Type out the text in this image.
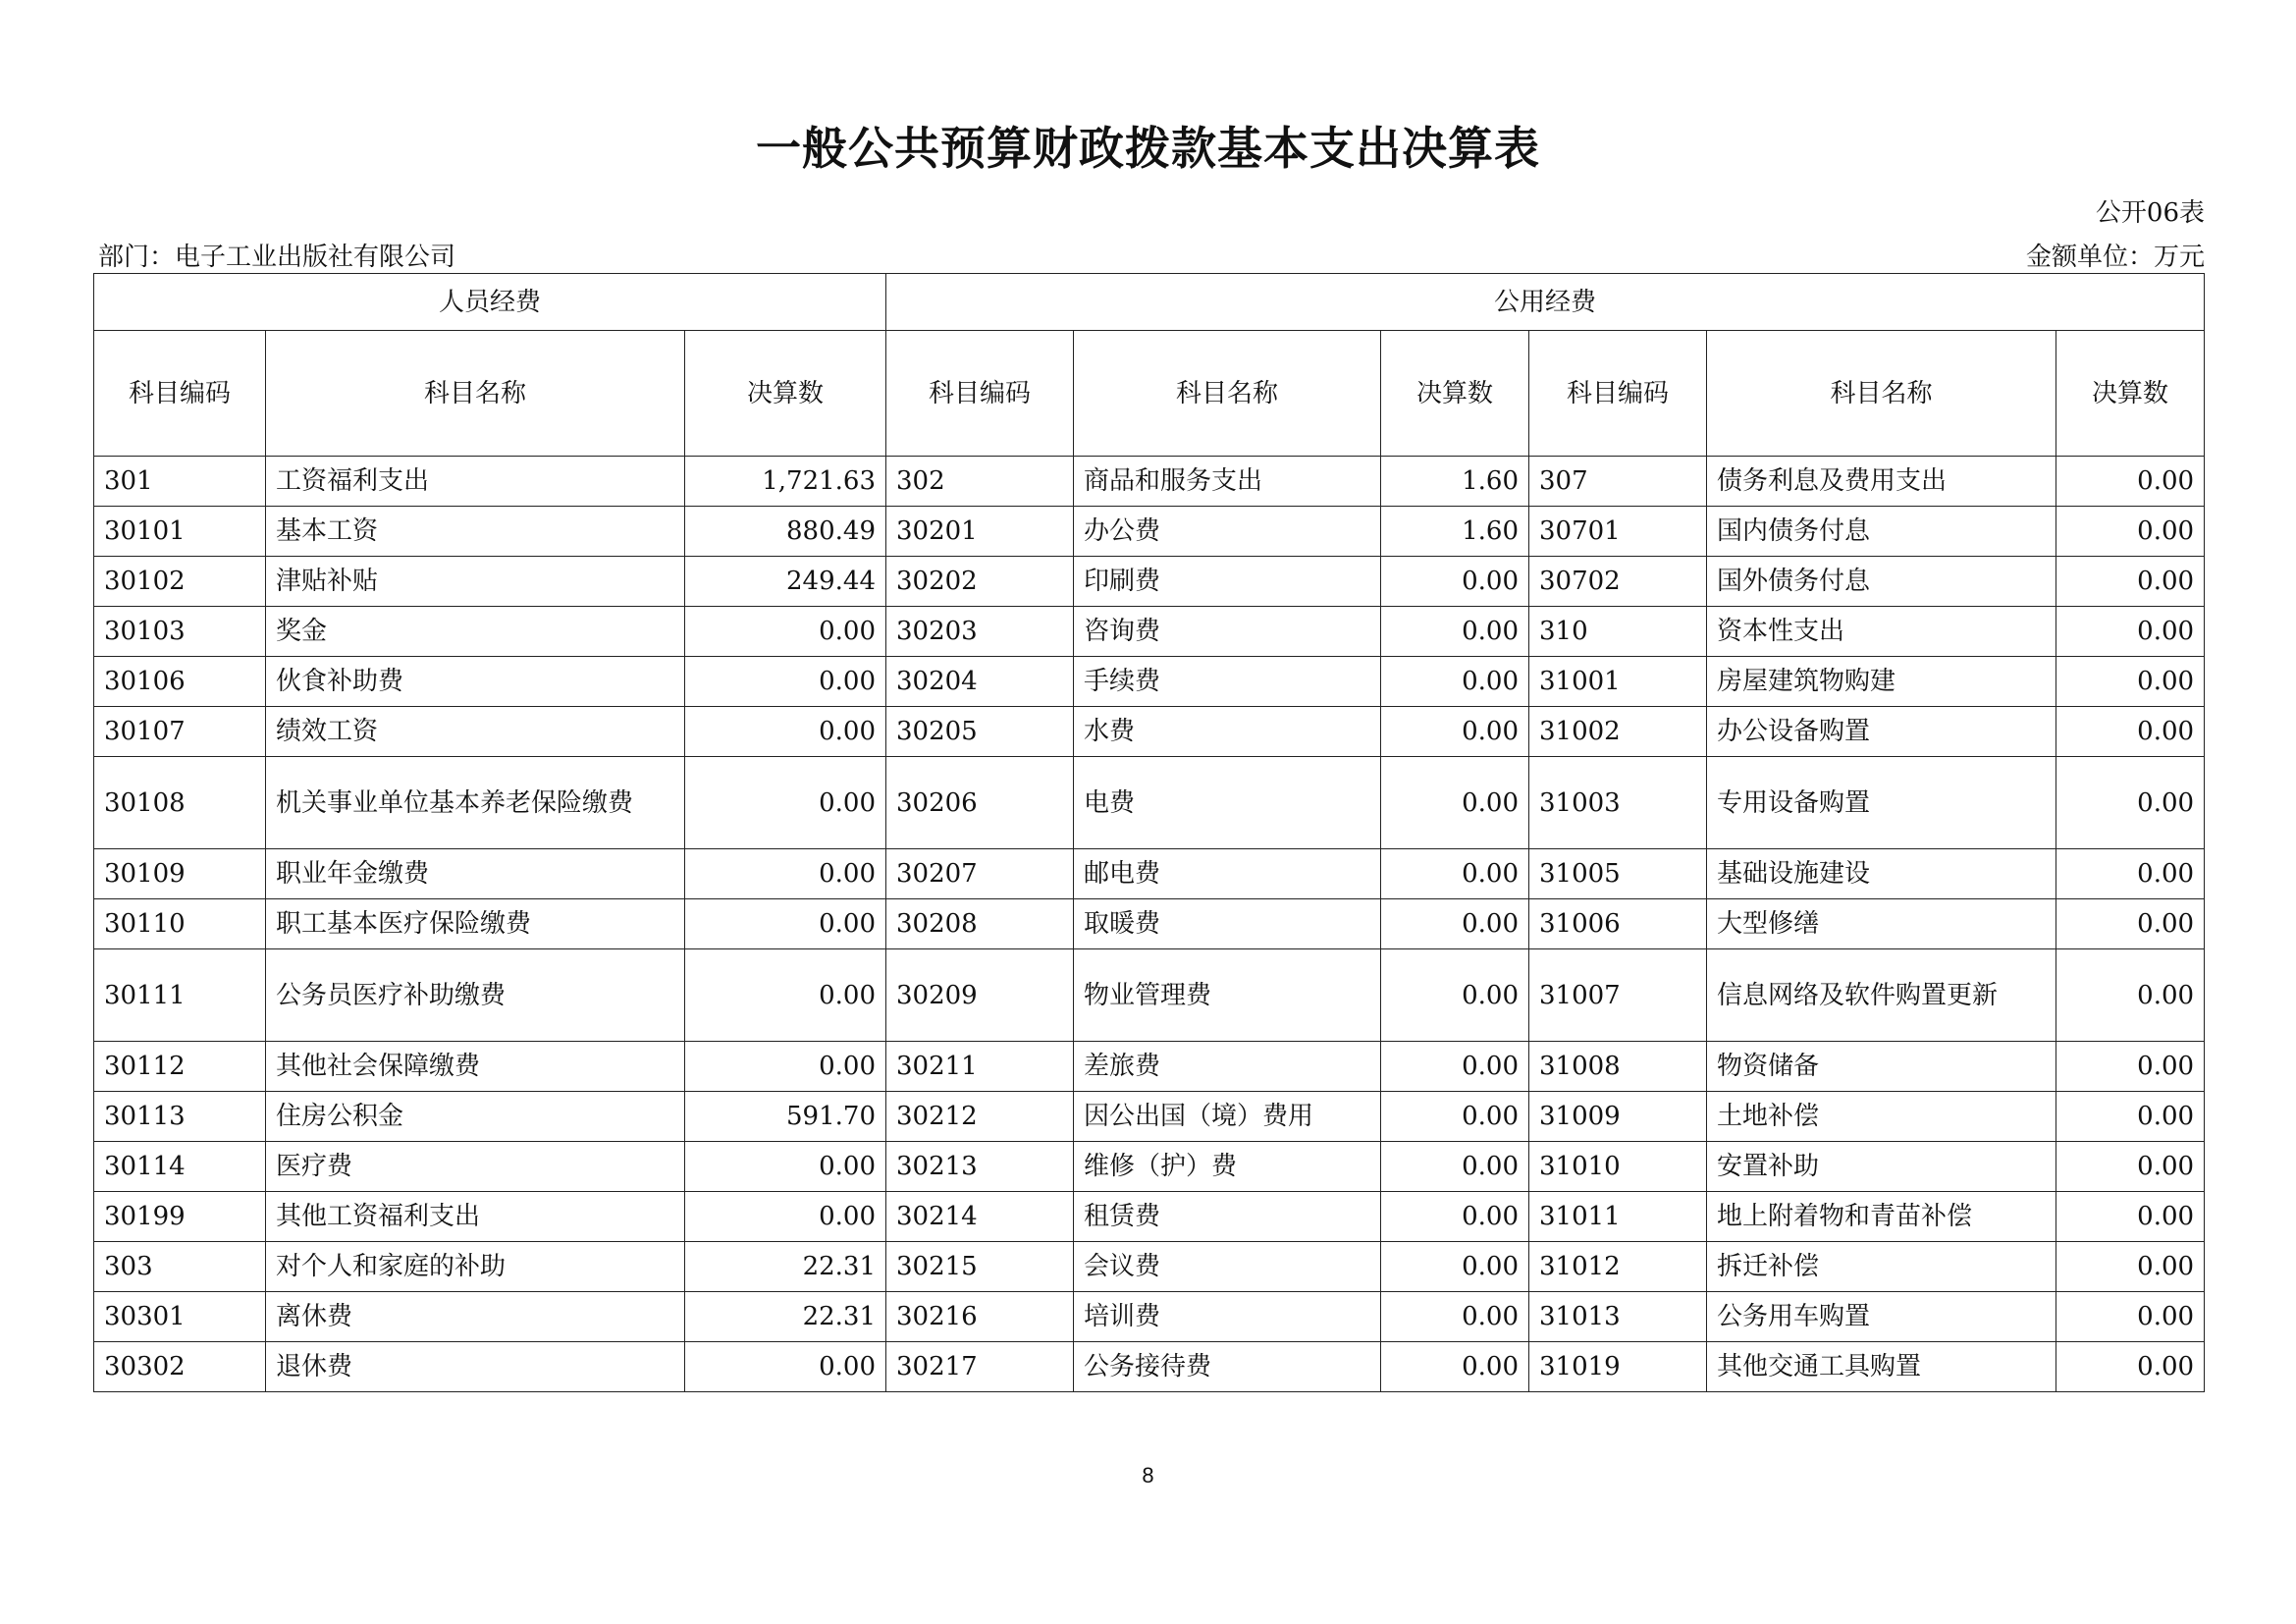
一般公共预算财政拨款基本支出决算表
公开06表
部门：电子工业出版社有限公司	金额单位：万元
人员经费			公用经费					
科目编码	科目名称	决算数	科目编码	科目名称	决算数	科目编码	科目名称	决算数
301	工资福利支出	1,721.63	302	商品和服务支出	1.60	307	债务利息及费用支出	0.00
30101	基本工资	880.49	30201	办公费	1.60	30701	国内债务付息	0.00
30102	津贴补贴	249.44	30202	印刷费	0.00	30702	国外债务付息	0.00
30103	奖金	0.00	30203	咨询费	0.00	310	资本性支出	0.00
30106	伙食补助费	0.00	30204	手续费	0.00	31001	房屋建筑物购建	0.00
30107	绩效工资	0.00	30205	水费	0.00	31002	办公设备购置	0.00
30108	机关事业单位基本养老保险缴费	0.00	30206	电费	0.00	31003	专用设备购置	0.00
30109	职业年金缴费	0.00	30207	邮电费	0.00	31005	基础设施建设	0.00
30110	职工基本医疗保险缴费	0.00	30208	取暖费	0.00	31006	大型修缮	0.00
30111	公务员医疗补助缴费	0.00	30209	物业管理费	0.00	31007	信息网络及软件购置更新	0.00
30112	其他社会保障缴费	0.00	30211	差旅费	0.00	31008	物资储备	0.00
30113	住房公积金	591.70	30212	因公出国（境）费用	0.00	31009	土地补偿	0.00
30114	医疗费	0.00	30213	维修（护）费	0.00	31010	安置补助	0.00
30199	其他工资福利支出	0.00	30214	租赁费	0.00	31011	地上附着物和青苗补偿	0.00
303	对个人和家庭的补助	22.31	30215	会议费	0.00	31012	拆迁补偿	0.00
30301	离休费	22.31	30216	培训费	0.00	31013	公务用车购置	0.00
30302	退休费	0.00	30217	公务接待费	0.00	31019	其他交通工具购置	0.00
8
